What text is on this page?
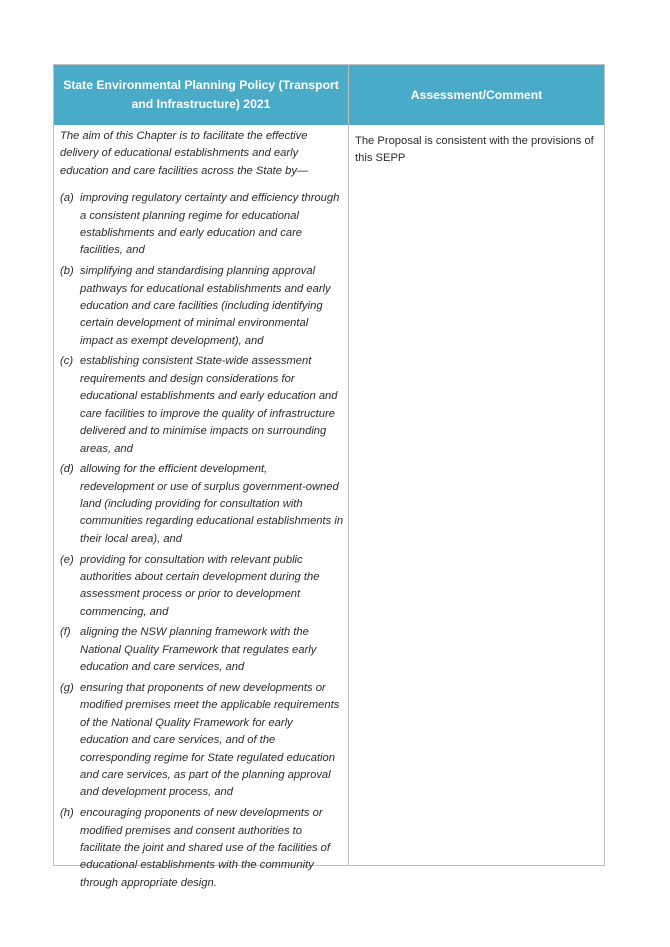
State Environmental Planning Policy (Transport and Infrastructure) 2021
Assessment/Comment

The aim of this Chapter is to facilitate the effective delivery of educational establishments and early education and care facilities across the State by—

(a) improving regulatory certainty and efficiency through a consistent planning regime for educational establishments and early education and care facilities, and
(b) simplifying and standardising planning approval pathways for educational establishments and early education and care facilities (including identifying certain development of minimal environmental impact as exempt development), and
(c) establishing consistent State-wide assessment requirements and design considerations for educational establishments and early education and care facilities to improve the quality of infrastructure delivered and to minimise impacts on surrounding areas, and
(d) allowing for the efficient development, redevelopment or use of surplus government-owned land (including providing for consultation with communities regarding educational establishments in their local area), and
(e) providing for consultation with relevant public authorities about certain development during the assessment process or prior to development commencing, and
(f) aligning the NSW planning framework with the National Quality Framework that regulates early education and care services, and
(g) ensuring that proponents of new developments or modified premises meet the applicable requirements of the National Quality Framework for early education and care services, and of the corresponding regime for State regulated education and care services, as part of the planning approval and development process, and
(h) encouraging proponents of new developments or modified premises and consent authorities to facilitate the joint and shared use of the facilities of educational establishments with the community through appropriate design.
The Proposal is consistent with the provisions of this SEPP
